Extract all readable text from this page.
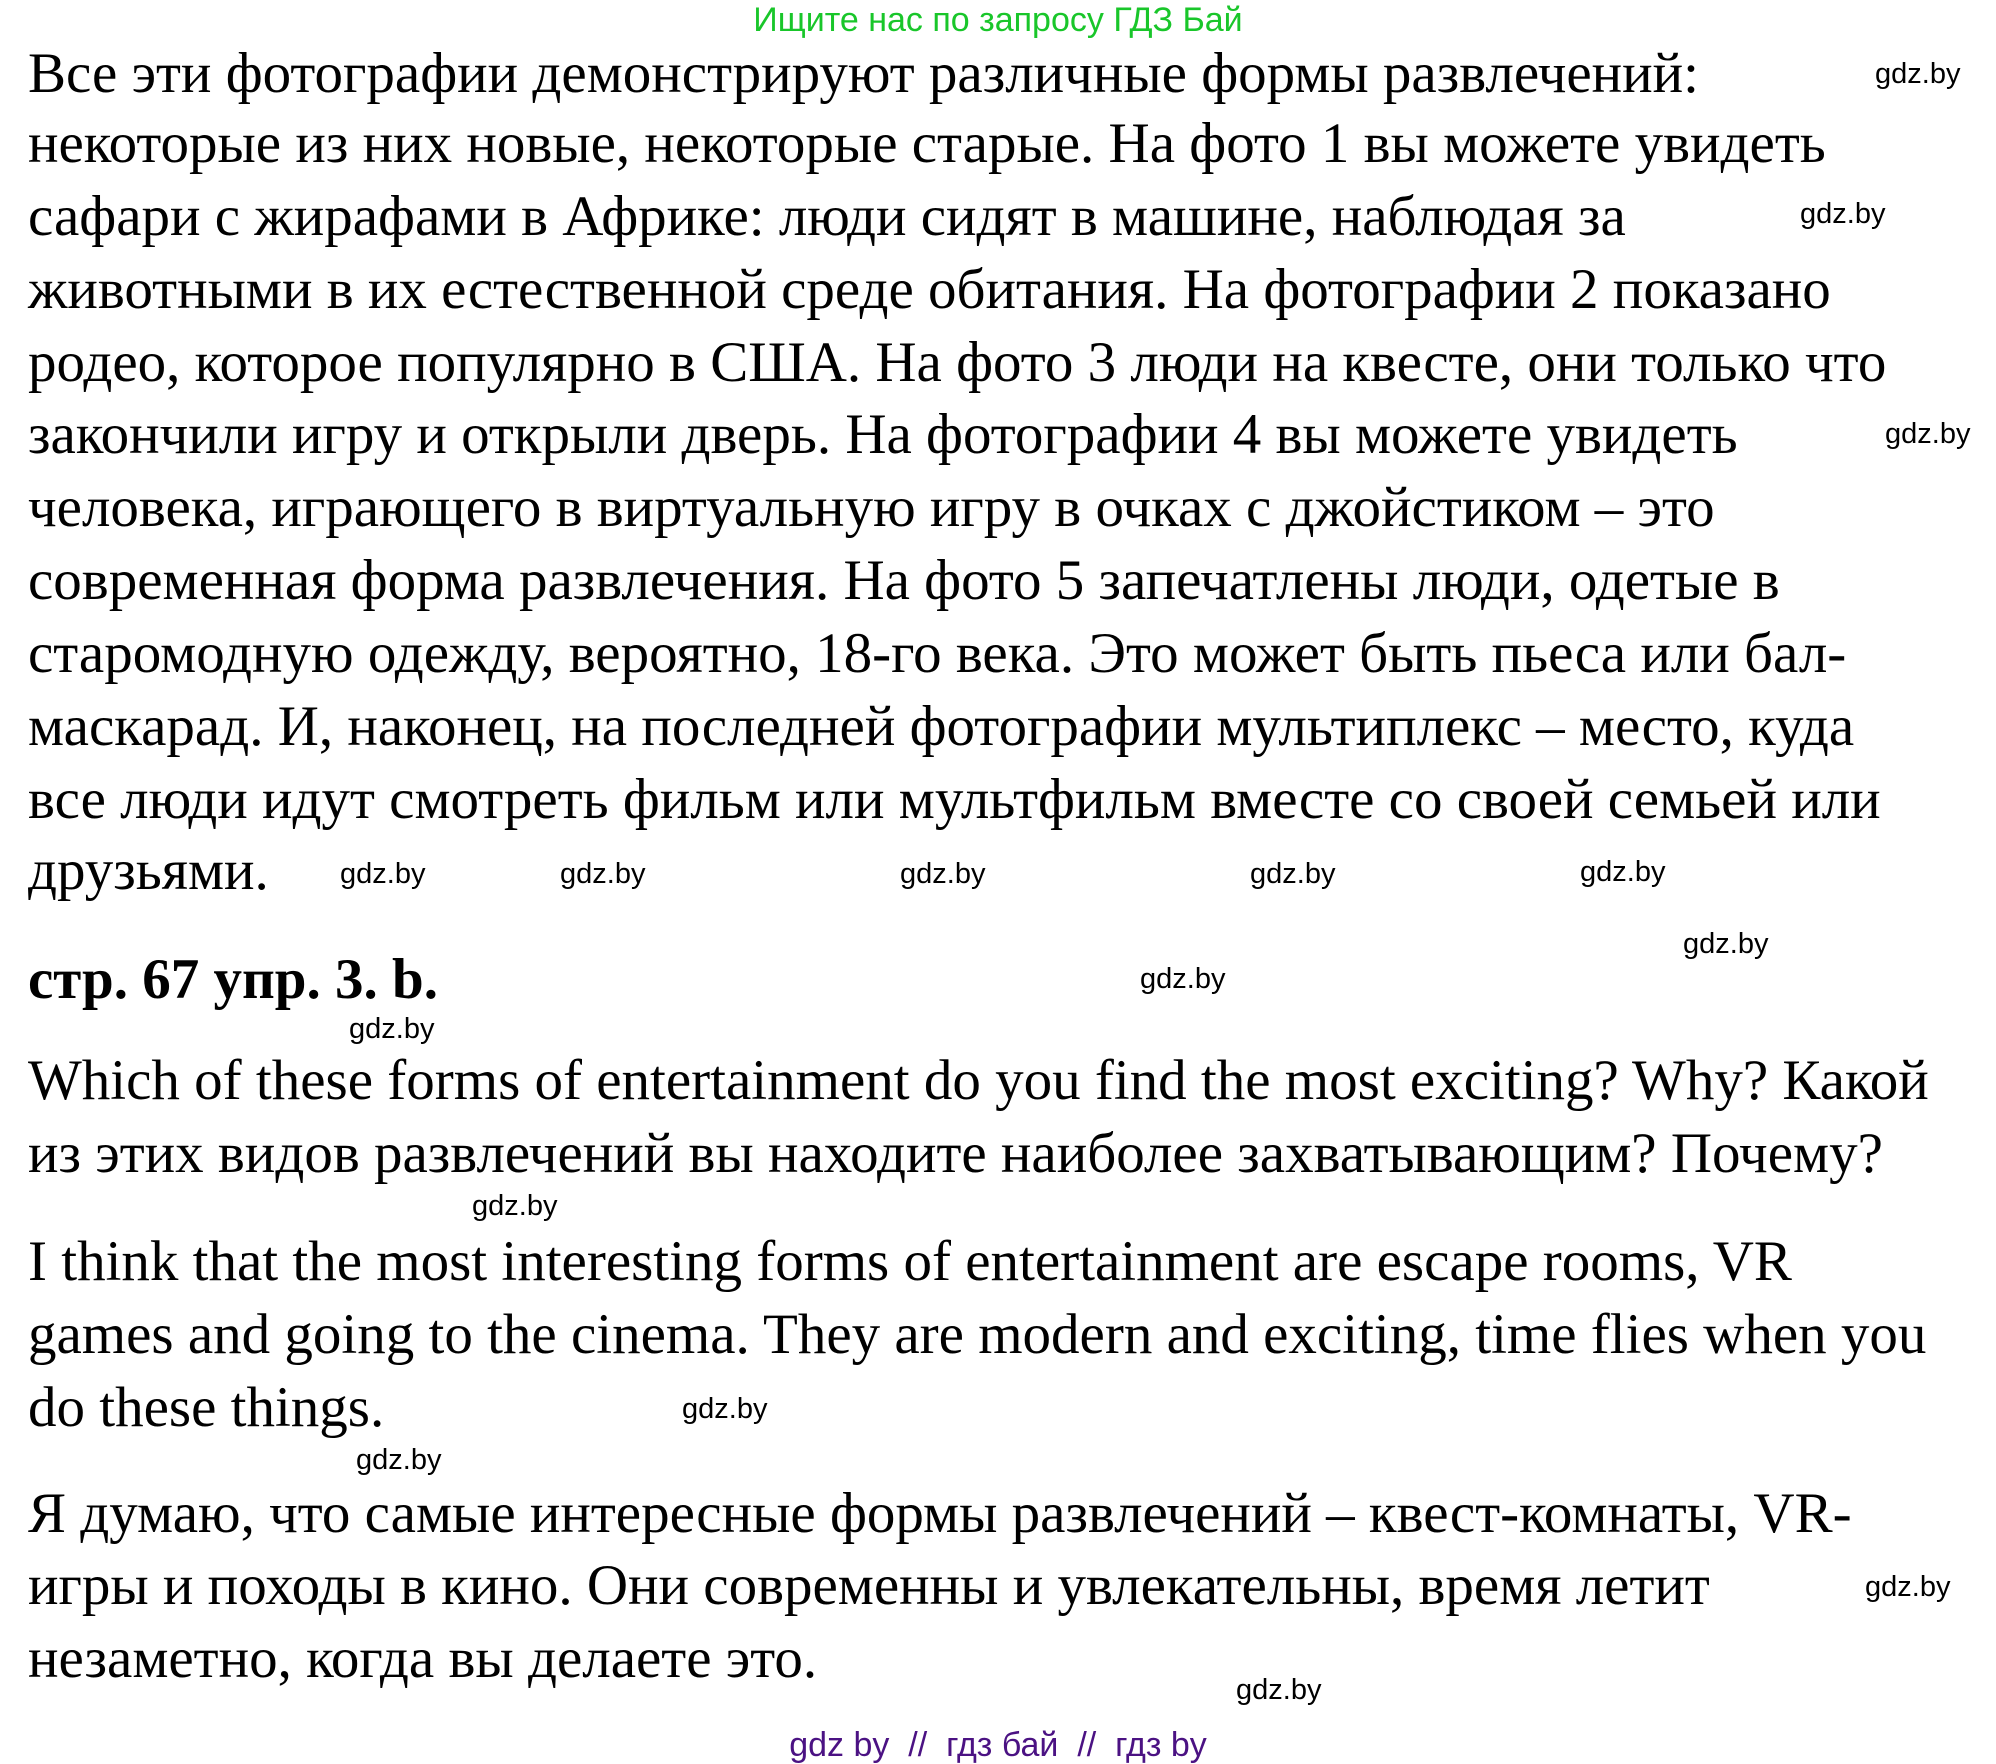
Ищите нас по запросу ГДЗ Бай
Все эти фотографии демонстрируют различные формы развлечений:
некоторые из них новые, некоторые старые. На фото 1 вы можете увидеть
сафари с жирафами в Африке: люди сидят в машине, наблюдая за
животными в их естественной среде обитания. На фотографии 2 показано
родео, которое популярно в США. На фото 3 люди на квесте, они только что
закончили игру и открыли дверь. На фотографии 4 вы можете увидеть
человека, играющего в виртуальную игру в очках с джойстиком – это
современная форма развлечения. На фото 5 запечатлены люди, одетые в
старомодную одежду, вероятно, 18-го века. Это может быть пьеса или бал-
маскарад. И, наконец, на последней фотографии мультиплекс – место, куда
все люди идут смотреть фильм или мультфильм вместе со своей семьей или
друзьями.
стр. 67 упр. 3. b.
Which of these forms of entertainment do you find the most exciting? Why? Какой
из этих видов развлечений вы находите наиболее захватывающим? Почему?
I think that the most interesting forms of entertainment are escape rooms, VR
games and going to the cinema. They are modern and exciting, time flies when you
do these things.
Я думаю, что самые интересные формы развлечений – квест-комнаты, VR-
игры и походы в кино. Они современны и увлекательны, время летит
незаметно, когда вы делаете это.
gdz.by
gdz.by
gdz.by
gdz.by	gdz.by	gdz.by	gdz.by
gdz.by
gdz.by
gdz.by
gdz.by
gdz.by
gdz.by
gdz.by
gdz.by
gdz.by
gdz by  //  гдз бай  //  гдз by
